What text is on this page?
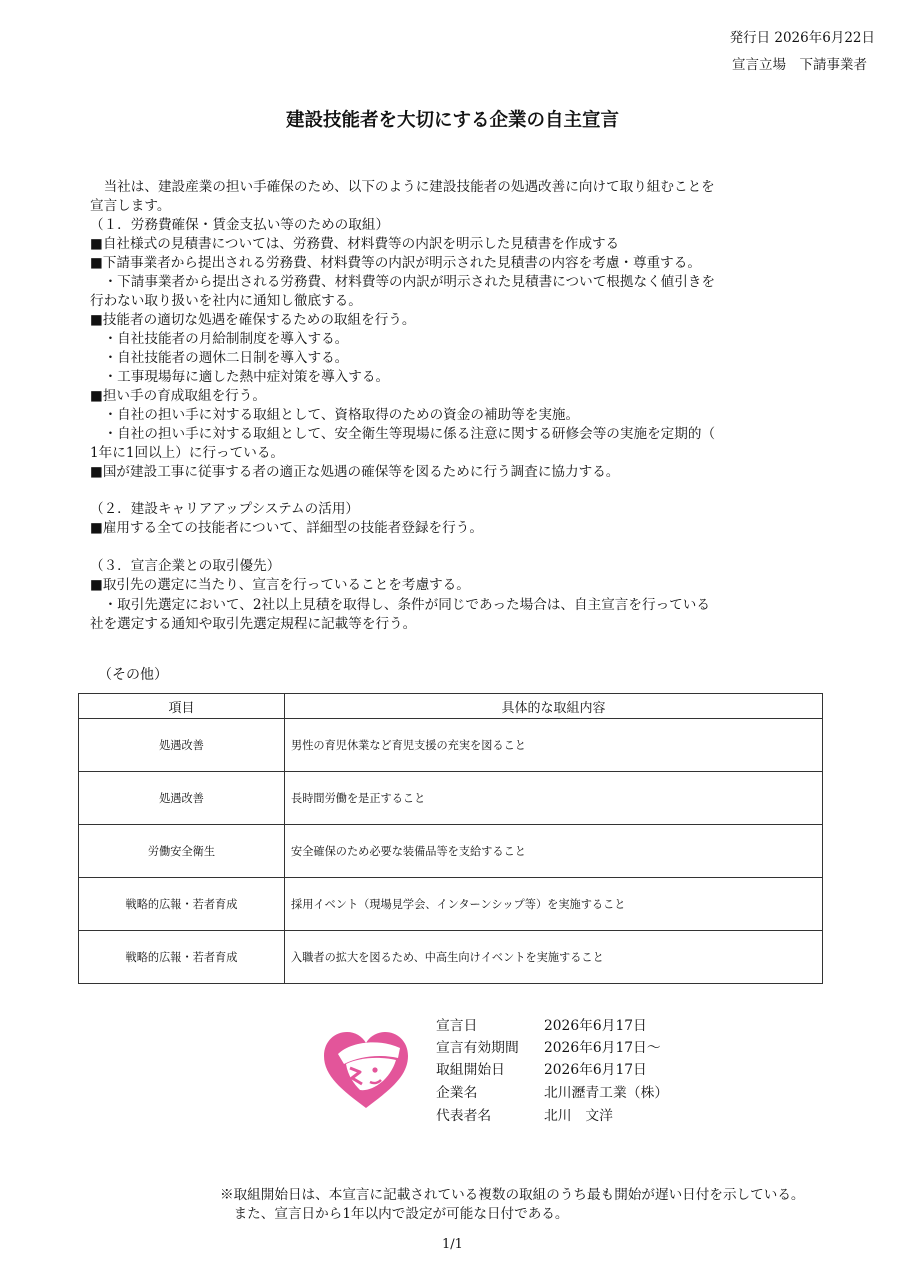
発行日 2026年6月22日
宣言立場　下請事業者
建設技能者を大切にする企業の自主宣言
　当社は、建設産業の担い手確保のため、以下のように建設技能者の処遇改善に向けて取り組むことを
宣言します。
（１．労務費確保・賃金支払い等のための取組）
■自社様式の見積書については、労務費、材料費等の内訳を明示した見積書を作成する
■下請事業者から提出される労務費、材料費等の内訳が明示された見積書の内容を考慮・尊重する。
　・下請事業者から提出される労務費、材料費等の内訳が明示された見積書について根拠なく値引きを
行わない取り扱いを社内に通知し徹底する。
■技能者の適切な処遇を確保するための取組を行う。
　・自社技能者の月給制制度を導入する。
　・自社技能者の週休二日制を導入する。
　・工事現場毎に適した熱中症対策を導入する。
■担い手の育成取組を行う。
　・自社の担い手に対する取組として、資格取得のための資金の補助等を実施。
　・自社の担い手に対する取組として、安全衛生等現場に係る注意に関する研修会等の実施を定期的（
1年に1回以上）に行っている。
■国が建設工事に従事する者の適正な処遇の確保等を図るために行う調査に協力する。
（２．建設キャリアアップシステムの活用）
■雇用する全ての技能者について、詳細型の技能者登録を行う。
（３．宣言企業との取引優先）
■取引先の選定に当たり、宣言を行っていることを考慮する。
　・取引先選定において、2社以上見積を取得し、条件が同じであった場合は、自主宣言を行っている
社を選定する通知や取引先選定規程に記載等を行う。
（その他）
項目	具体的な取組内容
処遇改善	男性の育児休業など育児支援の充実を図ること
処遇改善	長時間労働を是正すること
労働安全衛生	安全確保のため必要な装備品等を支給すること
戦略的広報・若者育成	採用イベント（現場見学会、インターンシップ等）を実施すること
戦略的広報・若者育成	入職者の拡大を図るため、中高生向けイベントを実施すること
宣言日	2026年6月17日
宣言有効期間 2026年6月17日～
取組開始日	2026年6月17日
企業名	北川瀝青工業（株）
代表者名	北川　文洋
※取組開始日は、本宣言に記載されている複数の取組のうち最も開始が遅い日付を示している。
　また、宣言日から1年以内で設定が可能な日付である。
1/1
